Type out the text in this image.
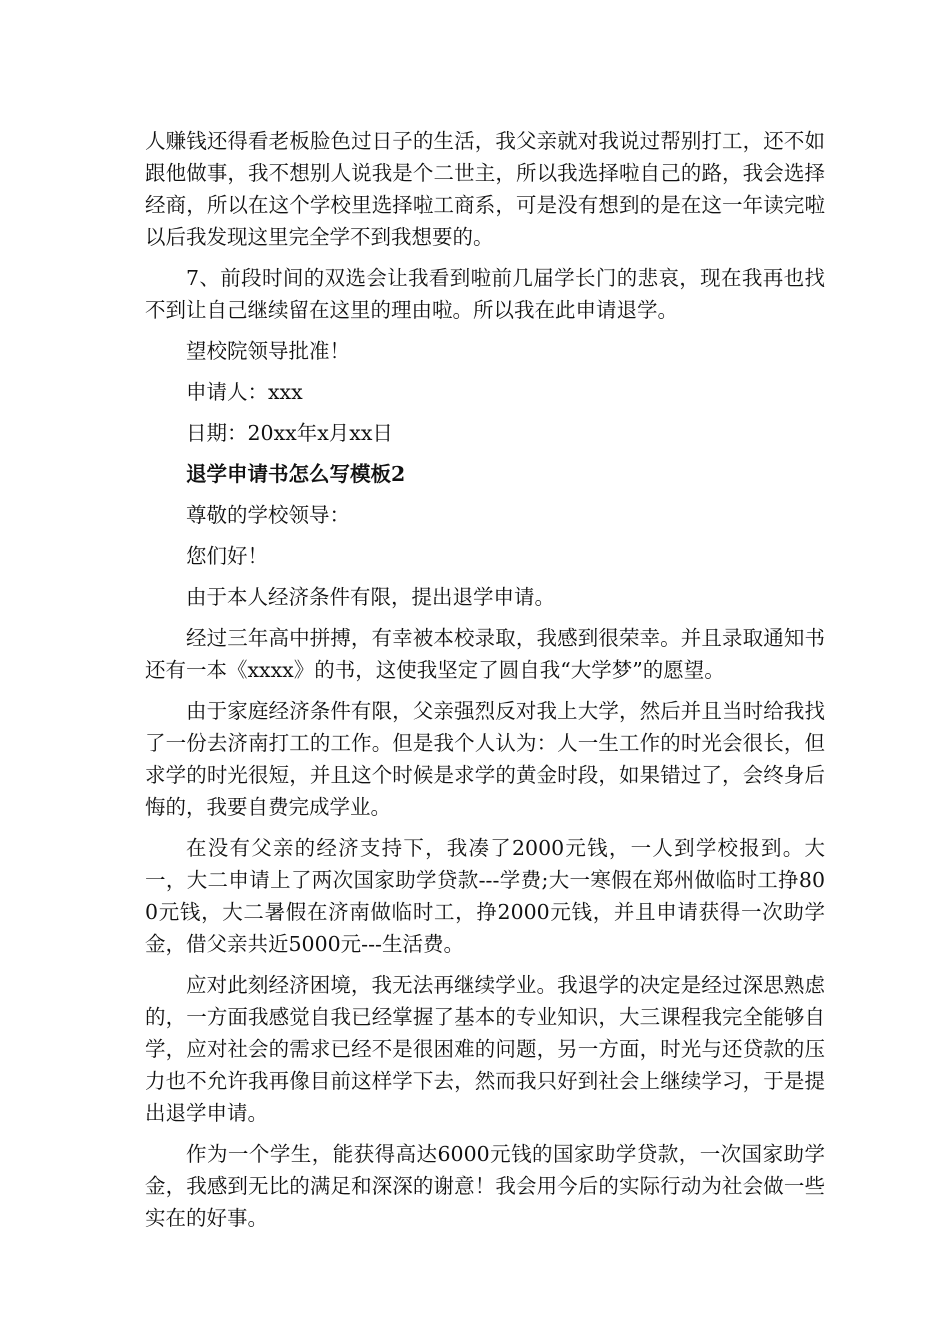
人赚钱还得看老板脸色过日子的生活，我父亲就对我说过帮别打工，还不如跟他做事，我不想别人说我是个二世主，所以我选择啦自己的路，我会选择经商，所以在这个学校里选择啦工商系，可是没有想到的是在这一年读完啦以后我发现这里完全学不到我想要的。

7、前段时间的双选会让我看到啦前几届学长门的悲哀，现在我再也找不到让自己继续留在这里的理由啦。所以我在此申请退学。

望校院领导批准！

申请人：xxx

日期：20xx年x月xx日

退学申请书怎么写模板2

尊敬的学校领导：

您们好！

由于本人经济条件有限，提出退学申请。

经过三年高中拼搏，有幸被本校录取，我感到很荣幸。并且录取通知书还有一本《xxxx》的书，这使我坚定了圆自我“大学梦”的愿望。

由于家庭经济条件有限，父亲强烈反对我上大学，然后并且当时给我找了一份去济南打工的工作。但是我个人认为：人一生工作的时光会很长，但求学的时光很短，并且这个时候是求学的黄金时段，如果错过了，会终身后悔的，我要自费完成学业。

在没有父亲的经济支持下，我凑了2000元钱，一人到学校报到。大一，大二申请上了两次国家助学贷款---学费;大一寒假在郑州做临时工挣800元钱，大二暑假在济南做临时工，挣2000元钱，并且申请获得一次助学金，借父亲共近5000元---生活费。

应对此刻经济困境，我无法再继续学业。我退学的决定是经过深思熟虑的，一方面我感觉自我已经掌握了基本的专业知识，大三课程我完全能够自学，应对社会的需求已经不是很困难的问题，另一方面，时光与还贷款的压力也不允许我再像目前这样学下去，然而我只好到社会上继续学习，于是提出退学申请。

作为一个学生，能获得高达6000元钱的国家助学贷款，一次国家助学金，我感到无比的满足和深深的谢意！我会用今后的实际行动为社会做一些实在的好事。
